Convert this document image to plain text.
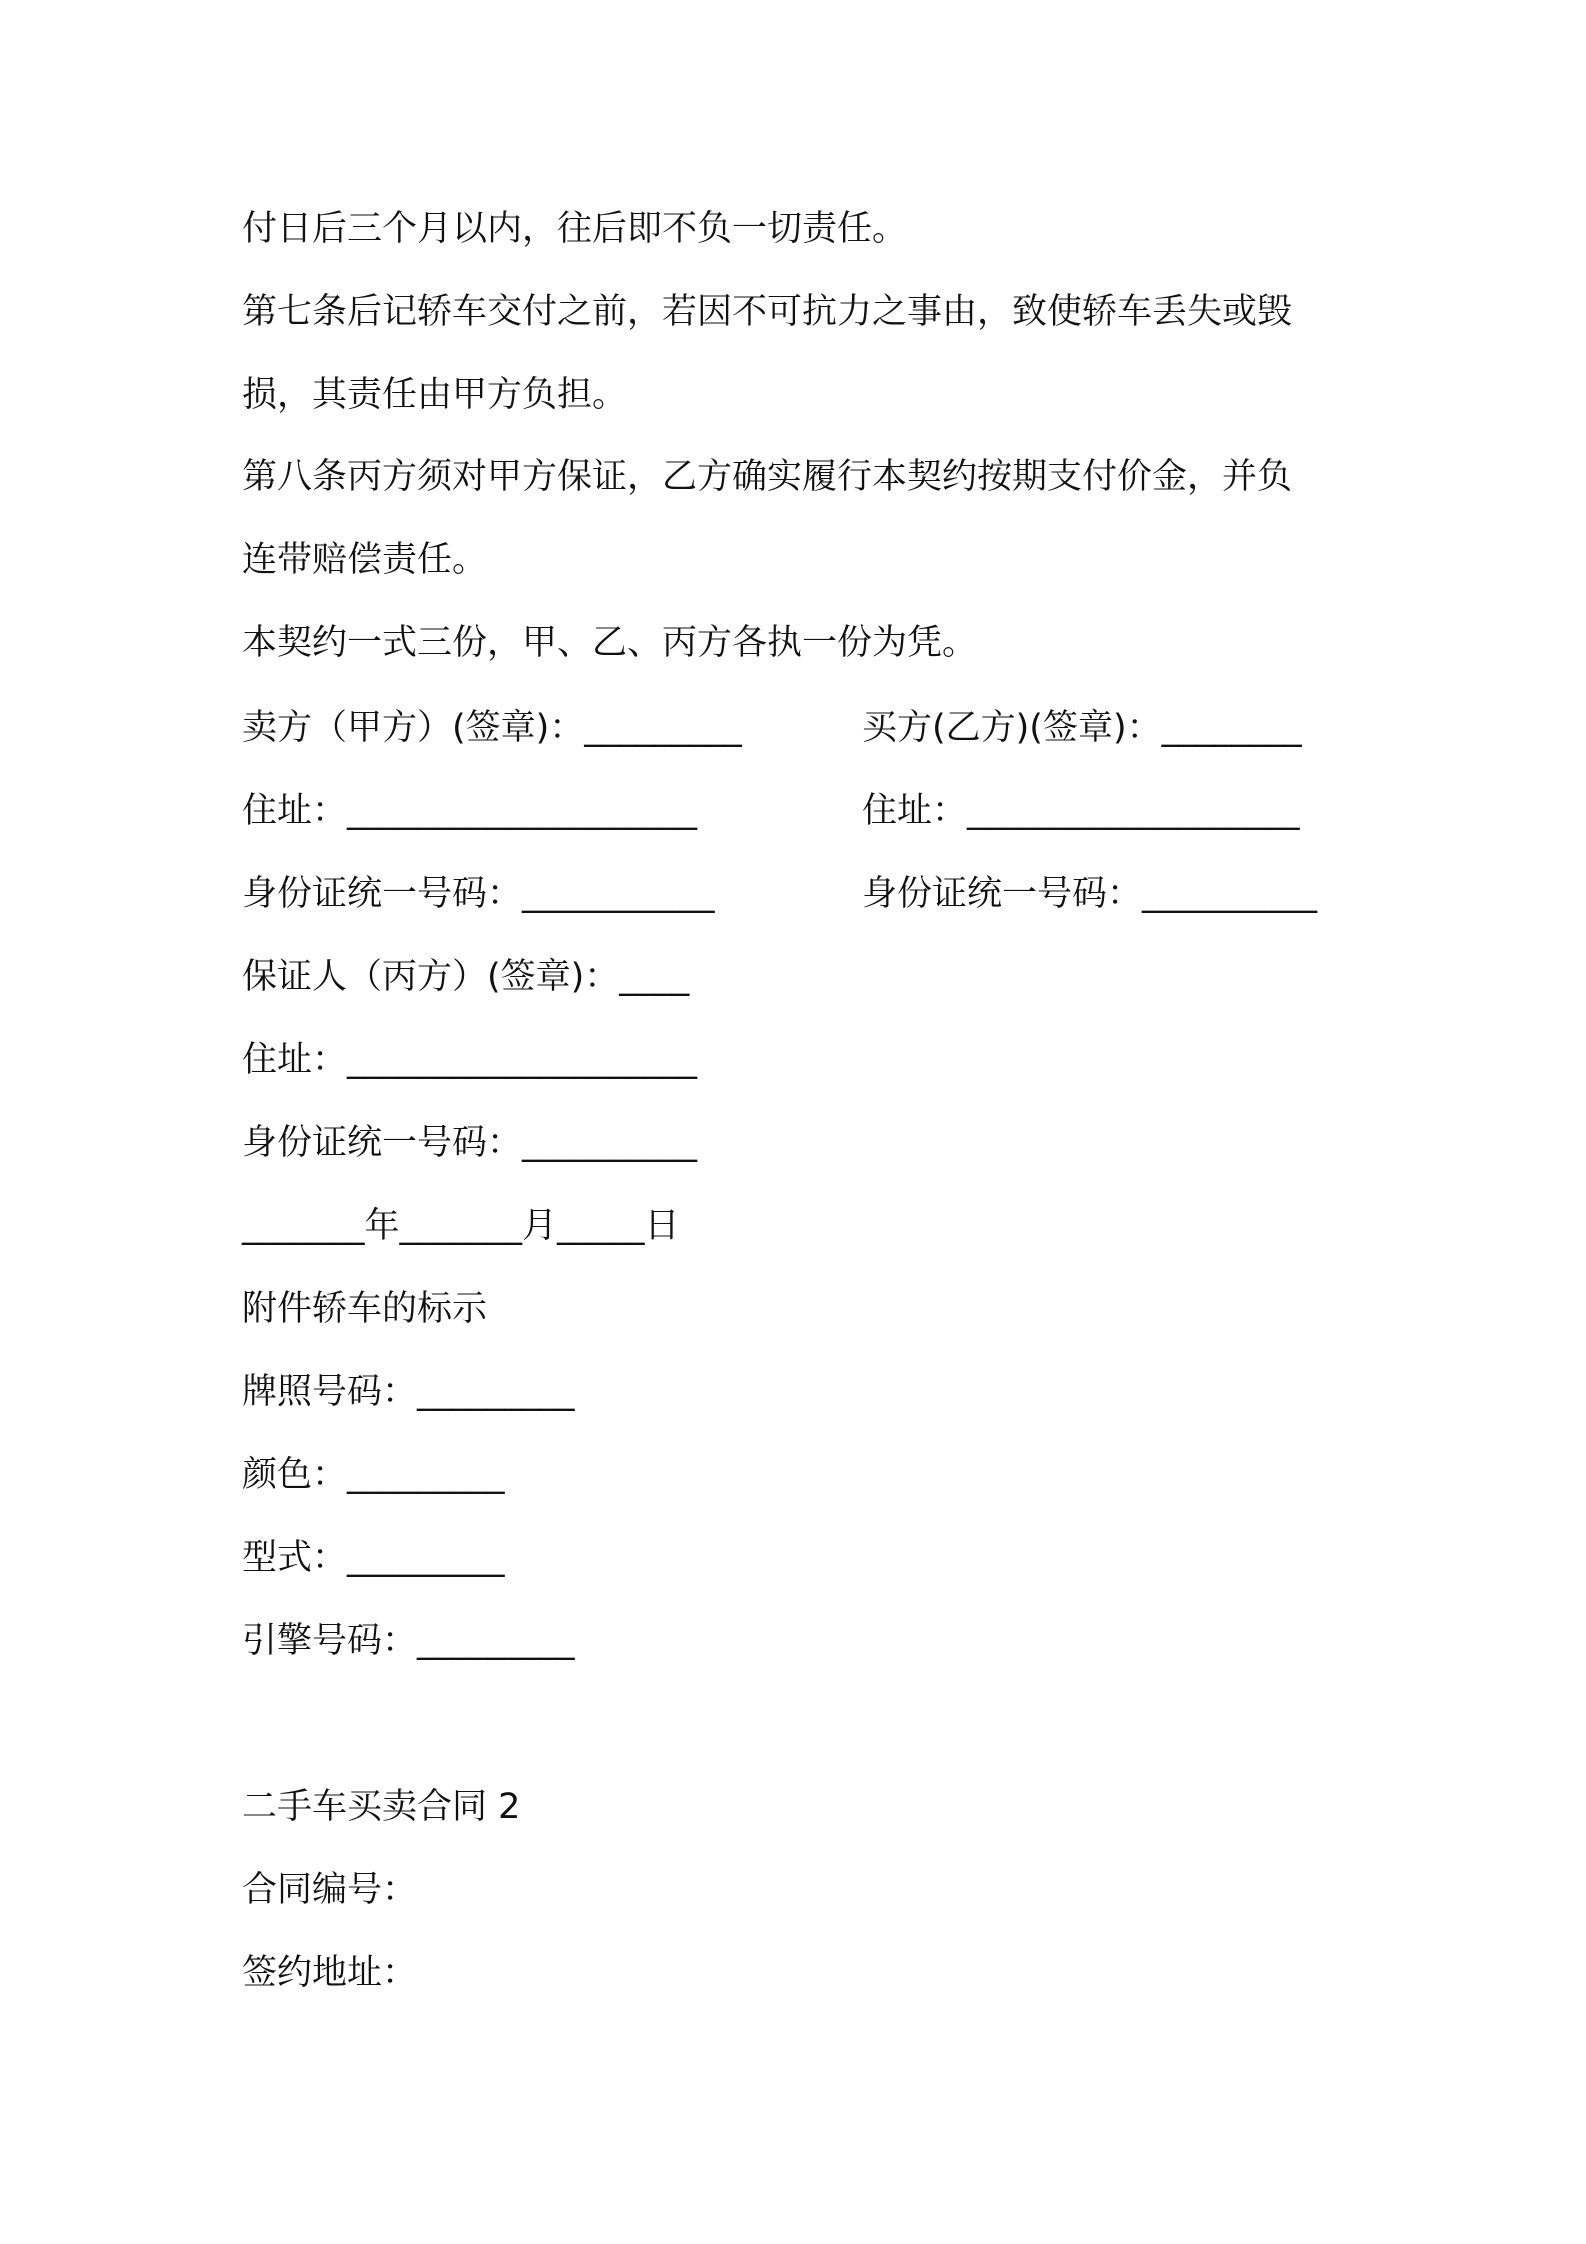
付日后三个月以内，往后即不负一切责任。
第七条后记轿车交付之前，若因不可抗力之事由，致使轿车丢失或毁
损，其责任由甲方负担。
第八条丙方须对甲方保证，乙方确实履行本契约按期支付价金，并负
连带赔偿责任。
本契约一式三份，甲、乙、丙方各执一份为凭。
卖方（甲方）(签章)：_________	买方(乙方)(签章)：________
住址：____________________	住址：___________________
身份证统一号码：___________	身份证统一号码：__________
保证人（丙方）(签章)：____
住址：____________________
身份证统一号码：__________
_______年_______月_____日
附件轿车的标示
牌照号码：_________
颜色：_________
型式：_________
引擎号码：_________
二手车买卖合同 2
合同编号：
签约地址：
